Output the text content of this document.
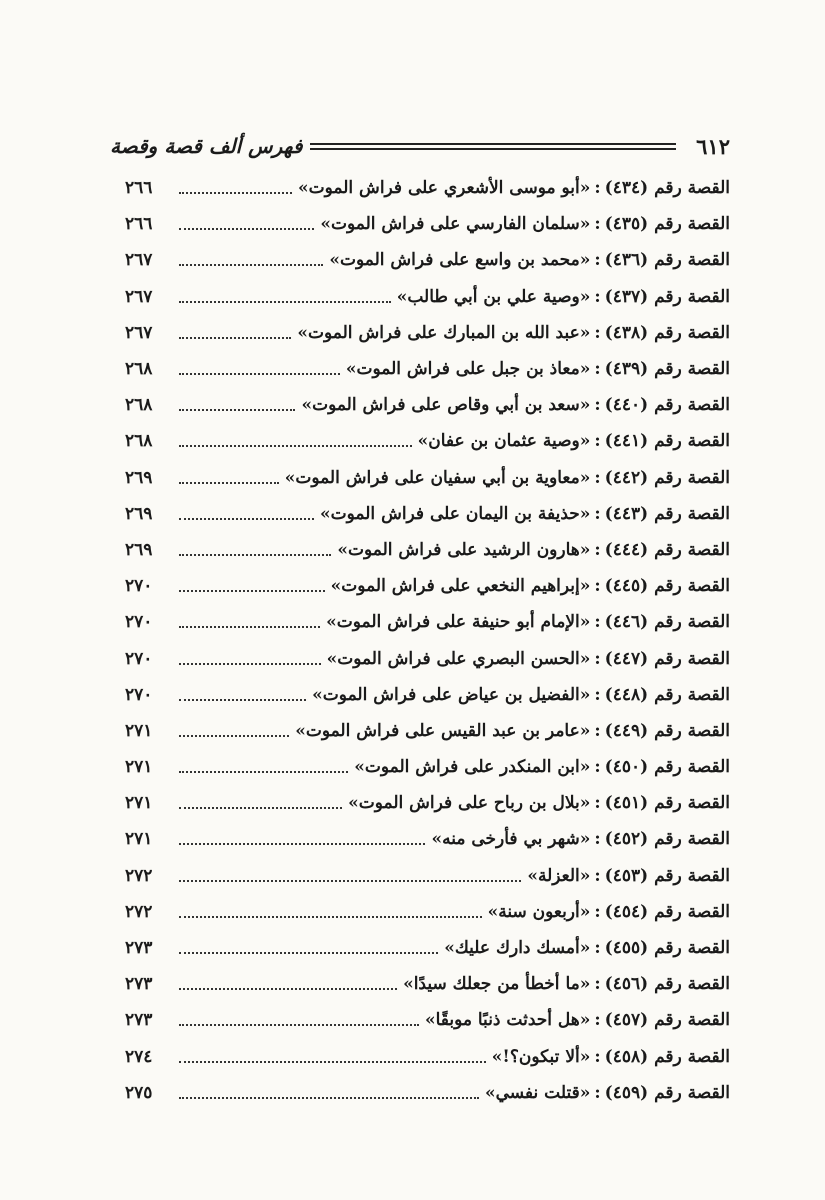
٦١٢
فهرس ألف قصة وقصة
القصة رقم (٤٣٤)
:
«أبو موسى الأشعري على فراش الموت»
٢٦٦
القصة رقم (٤٣٥)
:
«سلمان الفارسي على فراش الموت»
٢٦٦
القصة رقم (٤٣٦)
:
«محمد بن واسع على فراش الموت»
٢٦٧
القصة رقم (٤٣٧)
:
«وصية علي بن أبي طالب»
٢٦٧
القصة رقم (٤٣٨)
:
«عبد الله بن المبارك على فراش الموت»
٢٦٧
القصة رقم (٤٣٩)
:
«معاذ بن جبل على فراش الموت»
٢٦٨
القصة رقم (٤٤٠)
:
«سعد بن أبي وقاص على فراش الموت»
٢٦٨
القصة رقم (٤٤١)
:
«وصية عثمان بن عفان»
٢٦٨
القصة رقم (٤٤٢)
:
«معاوية بن أبي سفيان على فراش الموت»
٢٦٩
القصة رقم (٤٤٣)
:
«حذيفة بن اليمان على فراش الموت»
٢٦٩
القصة رقم (٤٤٤)
:
«هارون الرشيد على فراش الموت»
٢٦٩
القصة رقم (٤٤٥)
:
«إبراهيم النخعي على فراش الموت»
٢٧٠
القصة رقم (٤٤٦)
:
«الإمام أبو حنيفة على فراش الموت»
٢٧٠
القصة رقم (٤٤٧)
:
«الحسن البصري على فراش الموت»
٢٧٠
القصة رقم (٤٤٨)
:
«الفضيل بن عياض على فراش الموت»
٢٧٠
القصة رقم (٤٤٩)
:
«عامر بن عبد القيس على فراش الموت»
٢٧١
القصة رقم (٤٥٠)
:
«ابن المنكدر على فراش الموت»
٢٧١
القصة رقم (٤٥١)
:
«بلال بن رباح على فراش الموت»
٢٧١
القصة رقم (٤٥٢)
:
«شهر بي فأرخى منه»
٢٧١
القصة رقم (٤٥٣)
:
«العزلة»
٢٧٢
القصة رقم (٤٥٤)
:
«أربعون سنة»
٢٧٢
القصة رقم (٤٥٥)
:
«أمسك دارك عليك»
٢٧٣
القصة رقم (٤٥٦)
:
«ما أخطأ من جعلك سيدًا»
٢٧٣
القصة رقم (٤٥٧)
:
«هل أحدثت ذنبًا موبقًا»
٢٧٣
القصة رقم (٤٥٨)
:
«ألا تبكون؟!»
٢٧٤
القصة رقم (٤٥٩)
:
«قتلت نفسي»
٢٧٥
